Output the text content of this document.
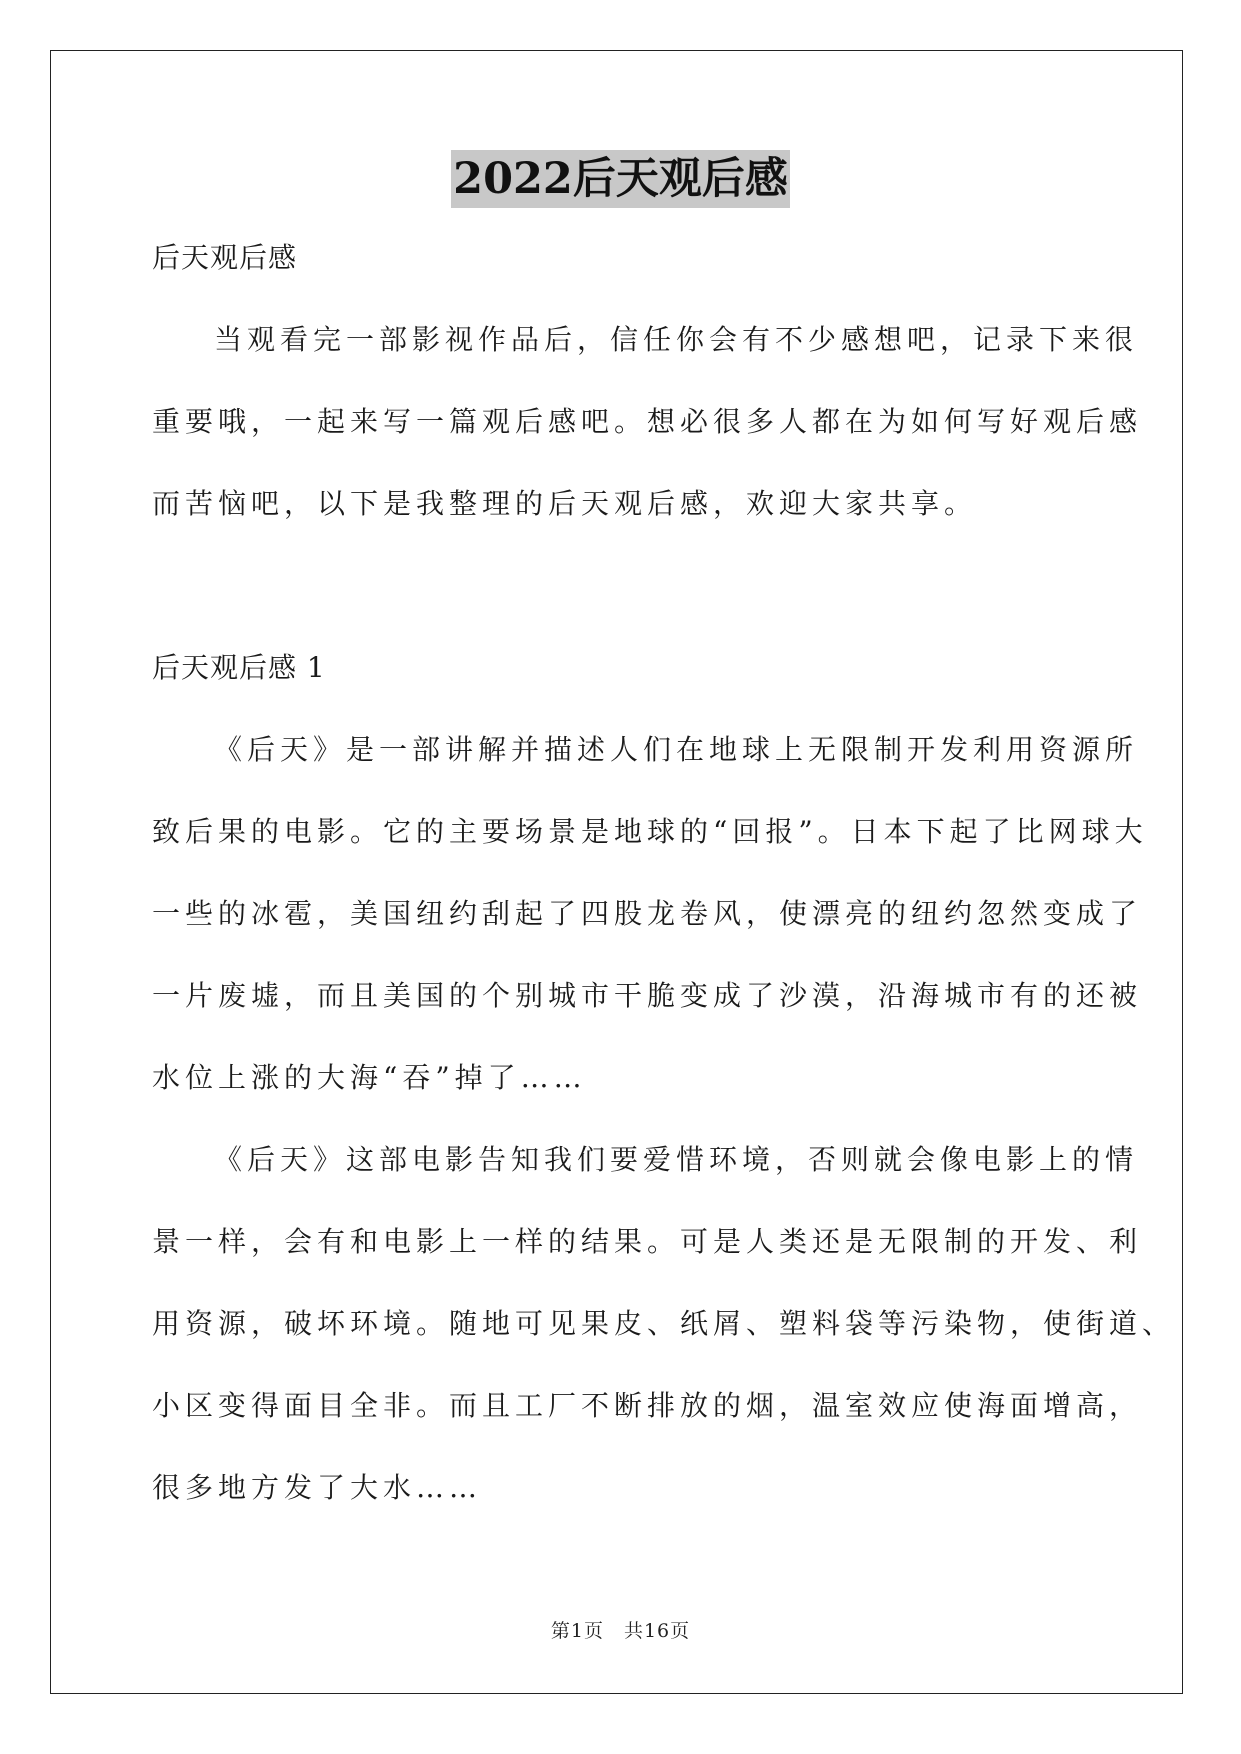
2022后天观后感
后天观后感
当观看完一部影视作品后，信任你会有不少感想吧，记录下来很
重要哦，一起来写一篇观后感吧。想必很多人都在为如何写好观后感
而苦恼吧，以下是我整理的后天观后感，欢迎大家共享。
后天观后感 1
《后天》是一部讲解并描述人们在地球上无限制开发利用资源所
致后果的电影。它的主要场景是地球的“回报”。日本下起了比网球大
一些的冰雹，美国纽约刮起了四股龙卷风，使漂亮的纽约忽然变成了
一片废墟，而且美国的个别城市干脆变成了沙漠，沿海城市有的还被
水位上涨的大海“吞”掉了……
《后天》这部电影告知我们要爱惜环境，否则就会像电影上的情
景一样，会有和电影上一样的结果。可是人类还是无限制的开发、利
用资源，破坏环境。随地可见果皮、纸屑、塑料袋等污染物，使街道、
小区变得面目全非。而且工厂不断排放的烟，温室效应使海面增高，
很多地方发了大水……
第1页　共16页
